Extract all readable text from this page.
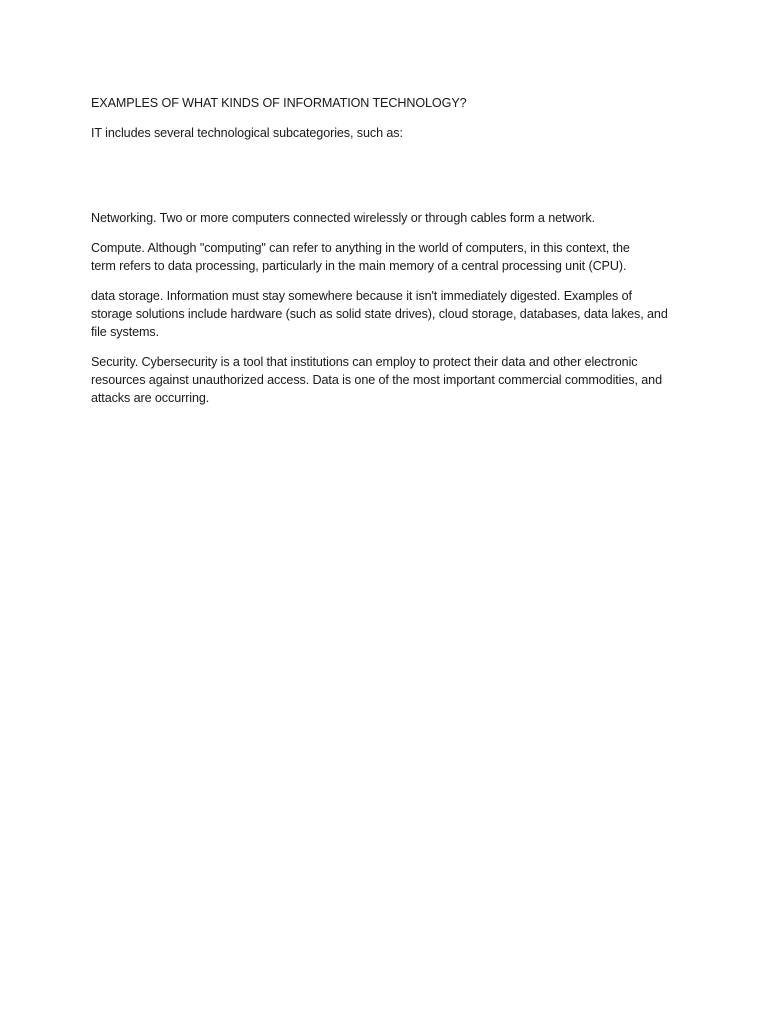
EXAMPLES OF WHAT KINDS OF INFORMATION TECHNOLOGY?

IT includes several technological subcategories, such as:

Networking. Two or more computers connected wirelessly or through cables form a network.

Compute. Although "computing" can refer to anything in the world of computers, in this context, the

term refers to data processing, particularly in the main memory of a central processing unit (CPU).

data storage. Information must stay somewhere because it isn't immediately digested. Examples of

storage solutions include hardware (such as solid state drives), cloud storage, databases, data lakes, and

file systems.

Security. Cybersecurity is a tool that institutions can employ to protect their data and other electronic

resources against unauthorized access. Data is one of the most important commercial commodities, and

attacks are occurring.
